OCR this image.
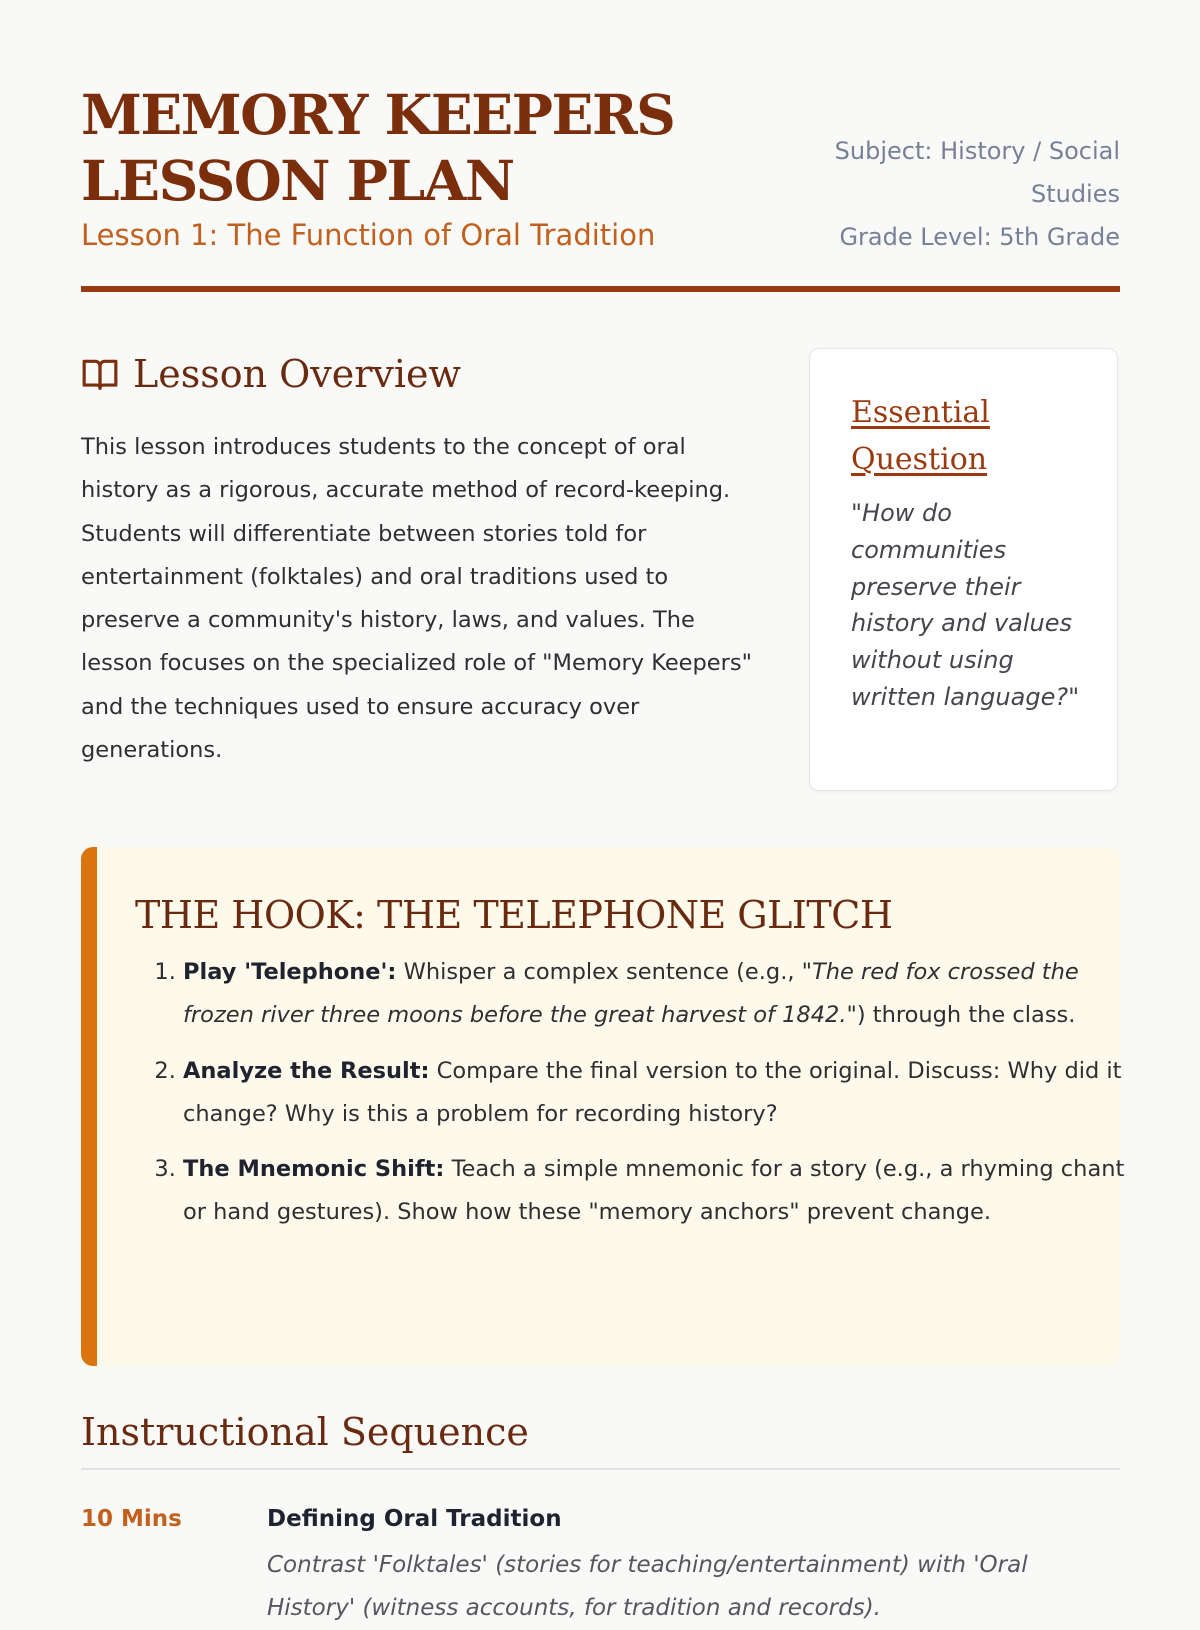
MEMORY KEEPERS LESSON PLAN
Lesson 1: The Function of Oral Tradition
Subject: History / Social Studies
Grade Level: 5th Grade
Lesson Overview

This lesson introduces students to the concept of oral history as a rigorous, accurate method of record-keeping. Students will differentiate between stories told for entertainment (folktales) and oral traditions used to preserve a community's history, laws, and values. The lesson focuses on the specialized role of "Memory Keepers" and the techniques used to ensure accuracy over generations.

Essential Question
"How do communities preserve their history and values without using written language?"
THE HOOK: THE TELEPHONE GLITCH
1. Play 'Telephone': Whisper a complex sentence (e.g., "The red fox crossed the frozen river three moons before the great harvest of 1842.") through the class.
2. Analyze the Result: Compare the final version to the original. Discuss: Why did it change? Why is this a problem for recording history?
3. The Mnemonic Shift: Teach a simple mnemonic for a story (e.g., a rhyming chant or hand gestures). Show how these "memory anchors" prevent change.
Instructional Sequence
10 Mins	Defining Oral Tradition
Contrast 'Folktales' (stories for teaching/entertainment) with 'Oral History' (witness accounts, for tradition and records).
